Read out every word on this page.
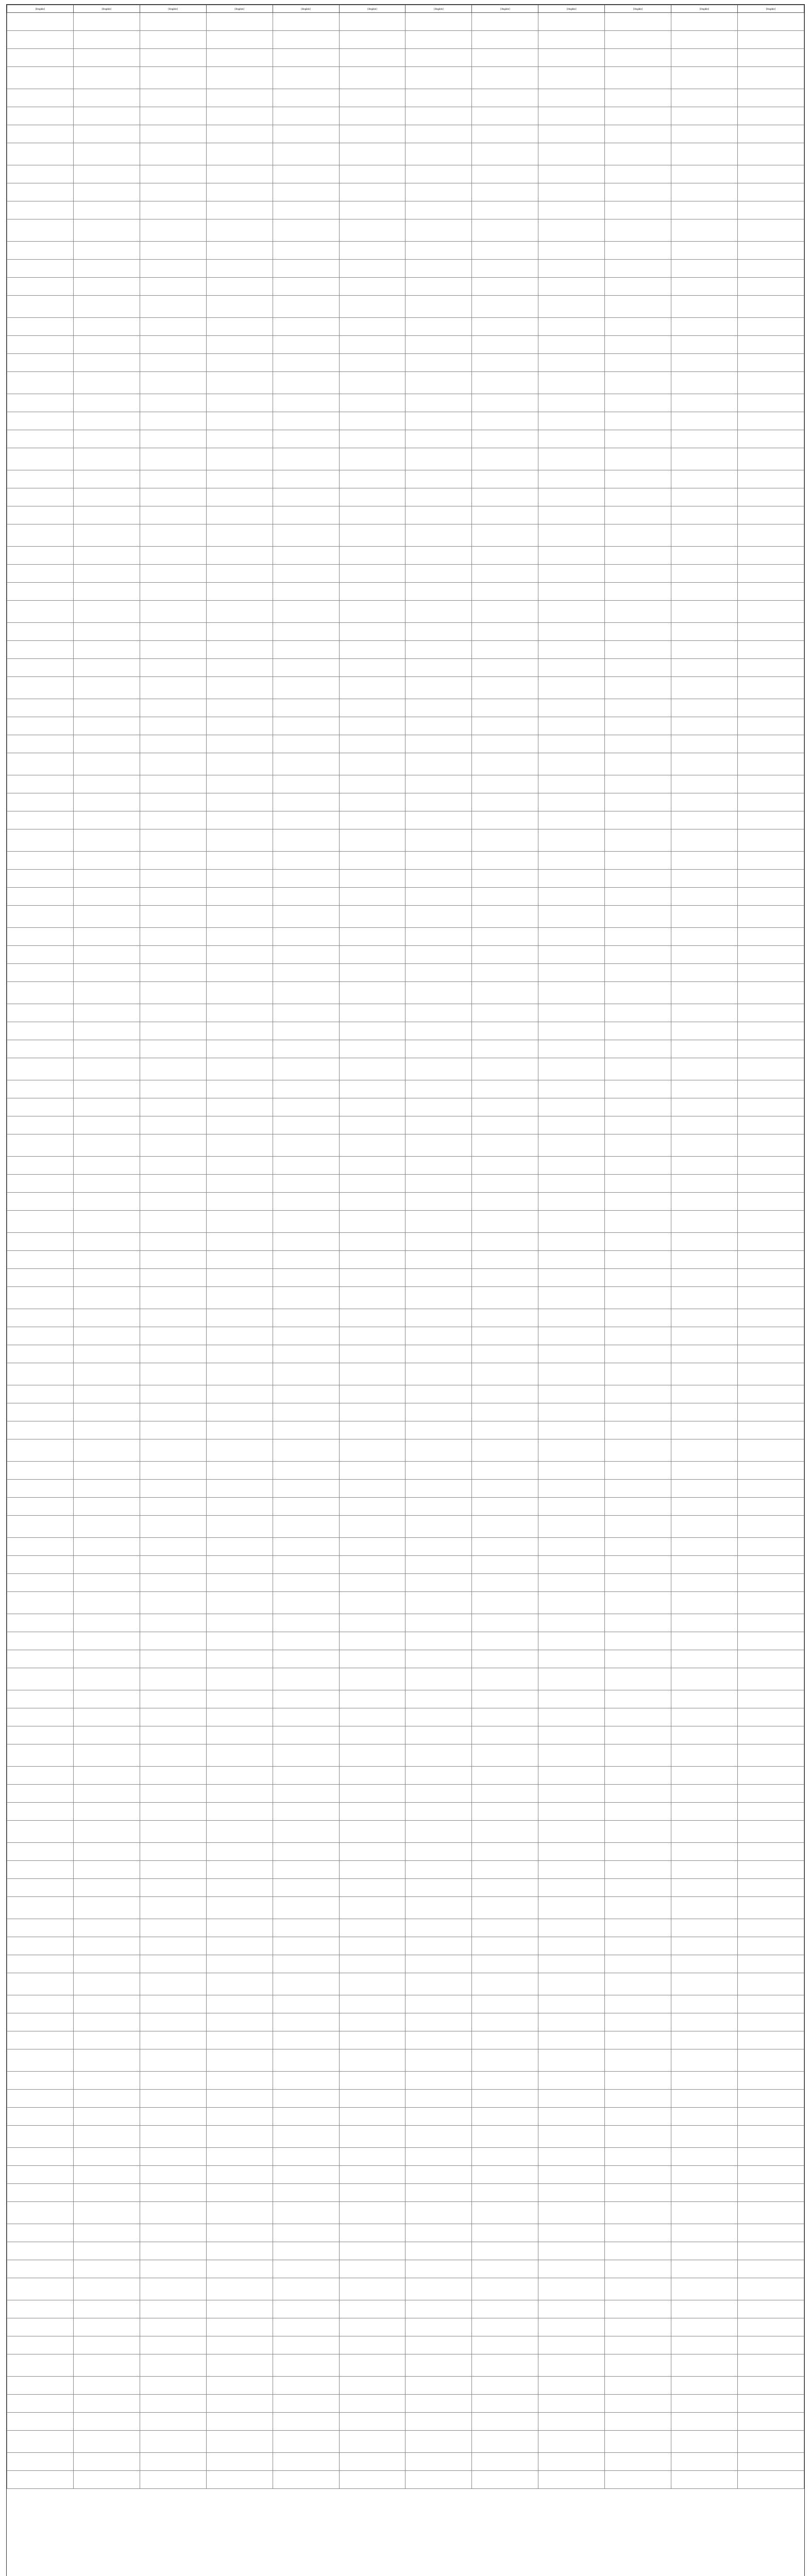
[illegible]	[illegible]	[illegible]	[illegible]	[illegible]	[illegible]	[illegible]	[illegible]	[illegible]	[illegible]	[illegible]	[illegible]
